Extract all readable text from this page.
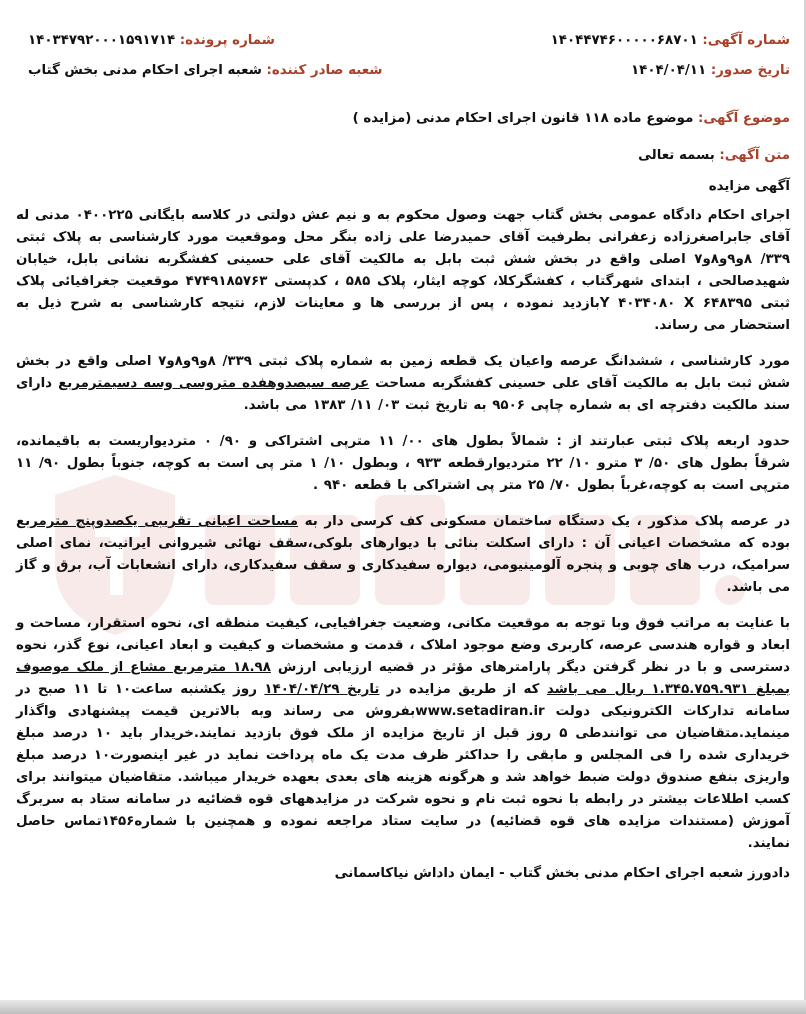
شماره آگهی: ۱۴۰۴۴۷۴۶۰۰۰۰۰۶۸۷۰۱
شماره پرونده: ۱۴۰۳۴۷۹۲۰۰۰۱۵۹۱۷۱۴
تاریخ صدور: ۱۴۰۴/۰۴/۱۱
شعبه صادر کننده: شعبه اجرای احکام مدنی بخش گتاب
موضوع آگهی: موضوع ماده ۱۱۸ قانون اجرای احکام مدنی (مزایده )
متن آگهی: بسمه تعالی
آگهی مزایده

اجرای احکام دادگاه عمومی بخش گتاب جهت وصول محکوم به و نیم عش دولتی در کلاسه بایگانی ۰۴۰۰۲۲۵ مدنی له آقای جابراصغرزاده زعفرانی بطرفیت آقای حمیدرضا علی زاده بنگر محل وموقعیت مورد کارشناسی به پلاک ثبتی ۳۳۹/ ۸و۹و۸و۷ اصلی واقع در بخش شش ثبت بابل به مالکیت آقای علی حسینی کفشگربه نشانی بابل، خیابان شهیدصالحی ، ابتدای شهرگتاب ، کفشگرکلا، کوچه ایثار، پلاک ۵۸۵ ، کدپستی ۴۷۴۹۱۸۵۷۶۳ موقعیت جغرافیائی پلاک ثبتی ۶۴۸۳۹۵ Y ۴۰۳۴۰۸۰ Xبازدید نموده ، پس از بررسی ها و معاینات لازم، نتیجه کارشناسی به شرح ذیل به استحضار می رساند.

مورد کارشناسی ، ششدانگ عرصه واعیان یک قطعه زمین به شماره پلاک ثبتی ۳۳۹/ ۸و۹و۸و۷ اصلی واقع در بخش شش ثبت بابل به مالکیت آقای علی حسینی کفشگربه مساحت عرصه سیصدوهفده متروسی وسه دسیمترمربع دارای سند مالکیت دفترچه ای به شماره چاپی ۹۵۰۶ به تاریخ ثبت ۰۳/ ۱۱/ ۱۳۸۳ می باشد.

حدود اربعه پلاک ثبتی عبارتند از : شمالاً بطول های ۰۰/ ۱۱ مترپی اشتراکی و ۹۰/ ۰ متردیواریست به باقیمانده، شرقاً بطول های ۵۰/ ۳ مترو ۱۰/ ۲۲ متردیوارقطعه ۹۳۳ ، وبطول ۱۰/ ۱ متر پی است به کوچه، جنوباً بطول ۹۰/ ۱۱ مترپی است به کوچه،غرباً بطول ۷۰/ ۲۵ متر پی اشتراکی با قطعه ۹۴۰ .

در عرصه پلاک مذکور ، یک دستگاه ساختمان مسکونی کف کرسی دار به مساحت اعیانی تقریبی یکصدوپنج مترمربع بوده که مشخصات اعیانی آن : دارای اسکلت بنائی با دیوارهای بلوکی،سقف نهائی شیروانی ایرانیت، نمای اصلی سرامیک، درب های چوبی و پنجره آلومینیومی، دیواره سفیدکاری و سقف سفیدکاری، دارای انشعابات آب، برق و گاز می باشد.

با عنایت به مراتب فوق وبا توجه به موقعیت مکانی، وضعیت جغرافیایی، کیفیت منطقه ای، نحوه استقرار، مساحت و ابعاد و قواره هندسی عرصه، کاربری وضع موجود املاک ، قدمت و مشخصات و کیفیت و ابعاد اعیانی، نوع گذر، نحوه دسترسی و با در نظر گرفتن دیگر پارامترهای مؤثر در قضیه ارزیابی ارزش ۱۸.۹۸ مترمربع مشاع از ملک موصوف بمبلغ ۱.۳۴۵.۷۵۹.۹۳۱ ریال می باشد که از طریق مزایده در تاریخ ۱۴۰۴/۰۴/۲۹ روز یکشنبه ساعت۱۰ تا ۱۱ صبح در سامانه تدارکات الکترونیکی دولت www.setadiran.irبفروش می رساند وبه بالاترین قیمت پیشنهادی واگذار مینماید.متقاضیان می توانندطی ۵ روز قبل از تاریخ مزایده از ملک فوق بازدید نمایند.خریدار باید ۱۰ درصد مبلغ خریداری شده را فی المجلس و مابقی را حداکثر ظرف مدت یک ماه پرداخت نماید در غیر اینصورت۱۰ درصد مبلغ واریزی بنفع صندوق دولت ضبط خواهد شد و هرگونه هزینه های بعدی بعهده خریدار میباشد. متقاضیان میتوانند برای کسب اطلاعات بیشتر در رابطه با نحوه ثبت نام و نحوه شرکت در مزایدههای قوه قضائیه در سامانه ستاد به سربرگ آموزش (مستندات مزایده های قوه قضائیه) در سایت ستاد مراجعه نموده و همچنین با شماره۱۴۵۶تماس حاصل نمایند.

دادورز شعبه اجرای احکام مدنی بخش گتاب - ایمان داداش نیاکاسمانی
